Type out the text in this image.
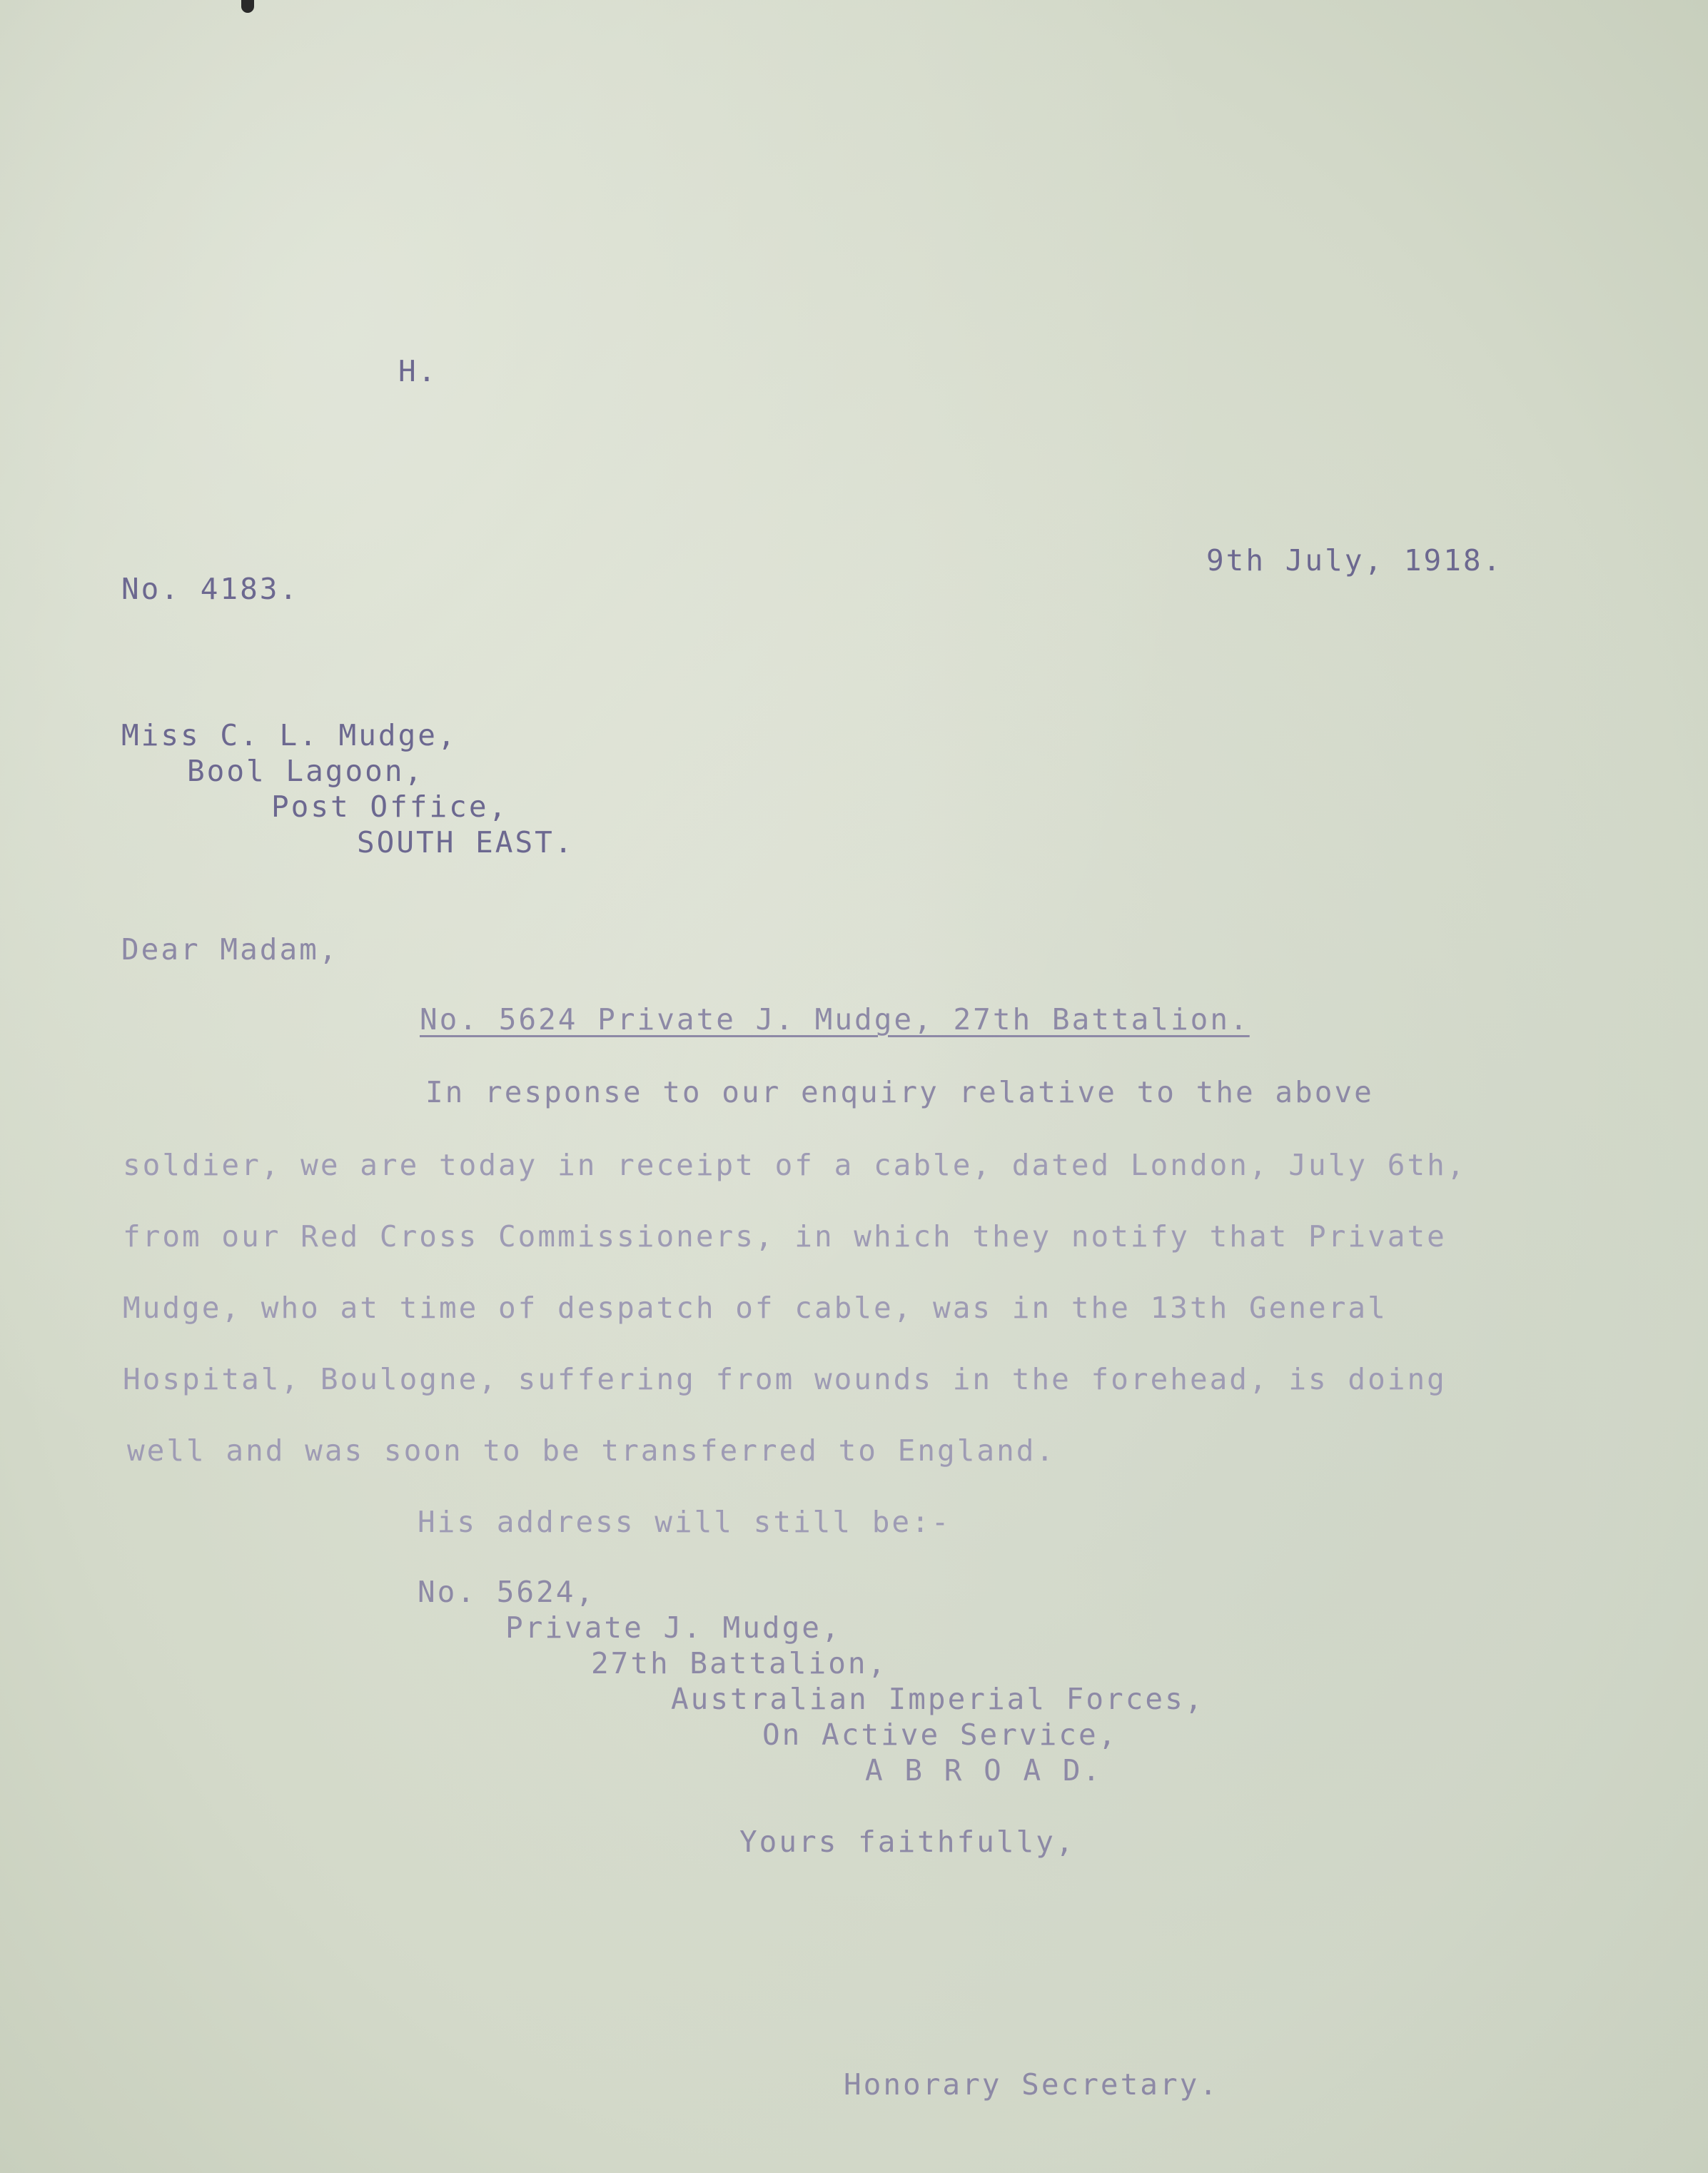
H.
9th July, 1918.
No. 4183.
Miss C. L. Mudge,
Bool Lagoon,
Post Office,
SOUTH EAST.
Dear Madam,
No. 5624 Private J. Mudge, 27th Battalion.
In response to our enquiry relative to the above
soldier, we are today in receipt of a cable, dated London, July 6th,
from our Red Cross Commissioners, in which they notify that Private
Mudge, who at time of despatch of cable, was in the 13th General
Hospital, Boulogne, suffering from wounds in the forehead, is doing
well and was soon to be transferred to England.
His address will still be:-
No. 5624,
Private J. Mudge,
27th Battalion,
Australian Imperial Forces,
On Active Service,
A B R O A D.
Yours faithfully,
Honorary Secretary.
